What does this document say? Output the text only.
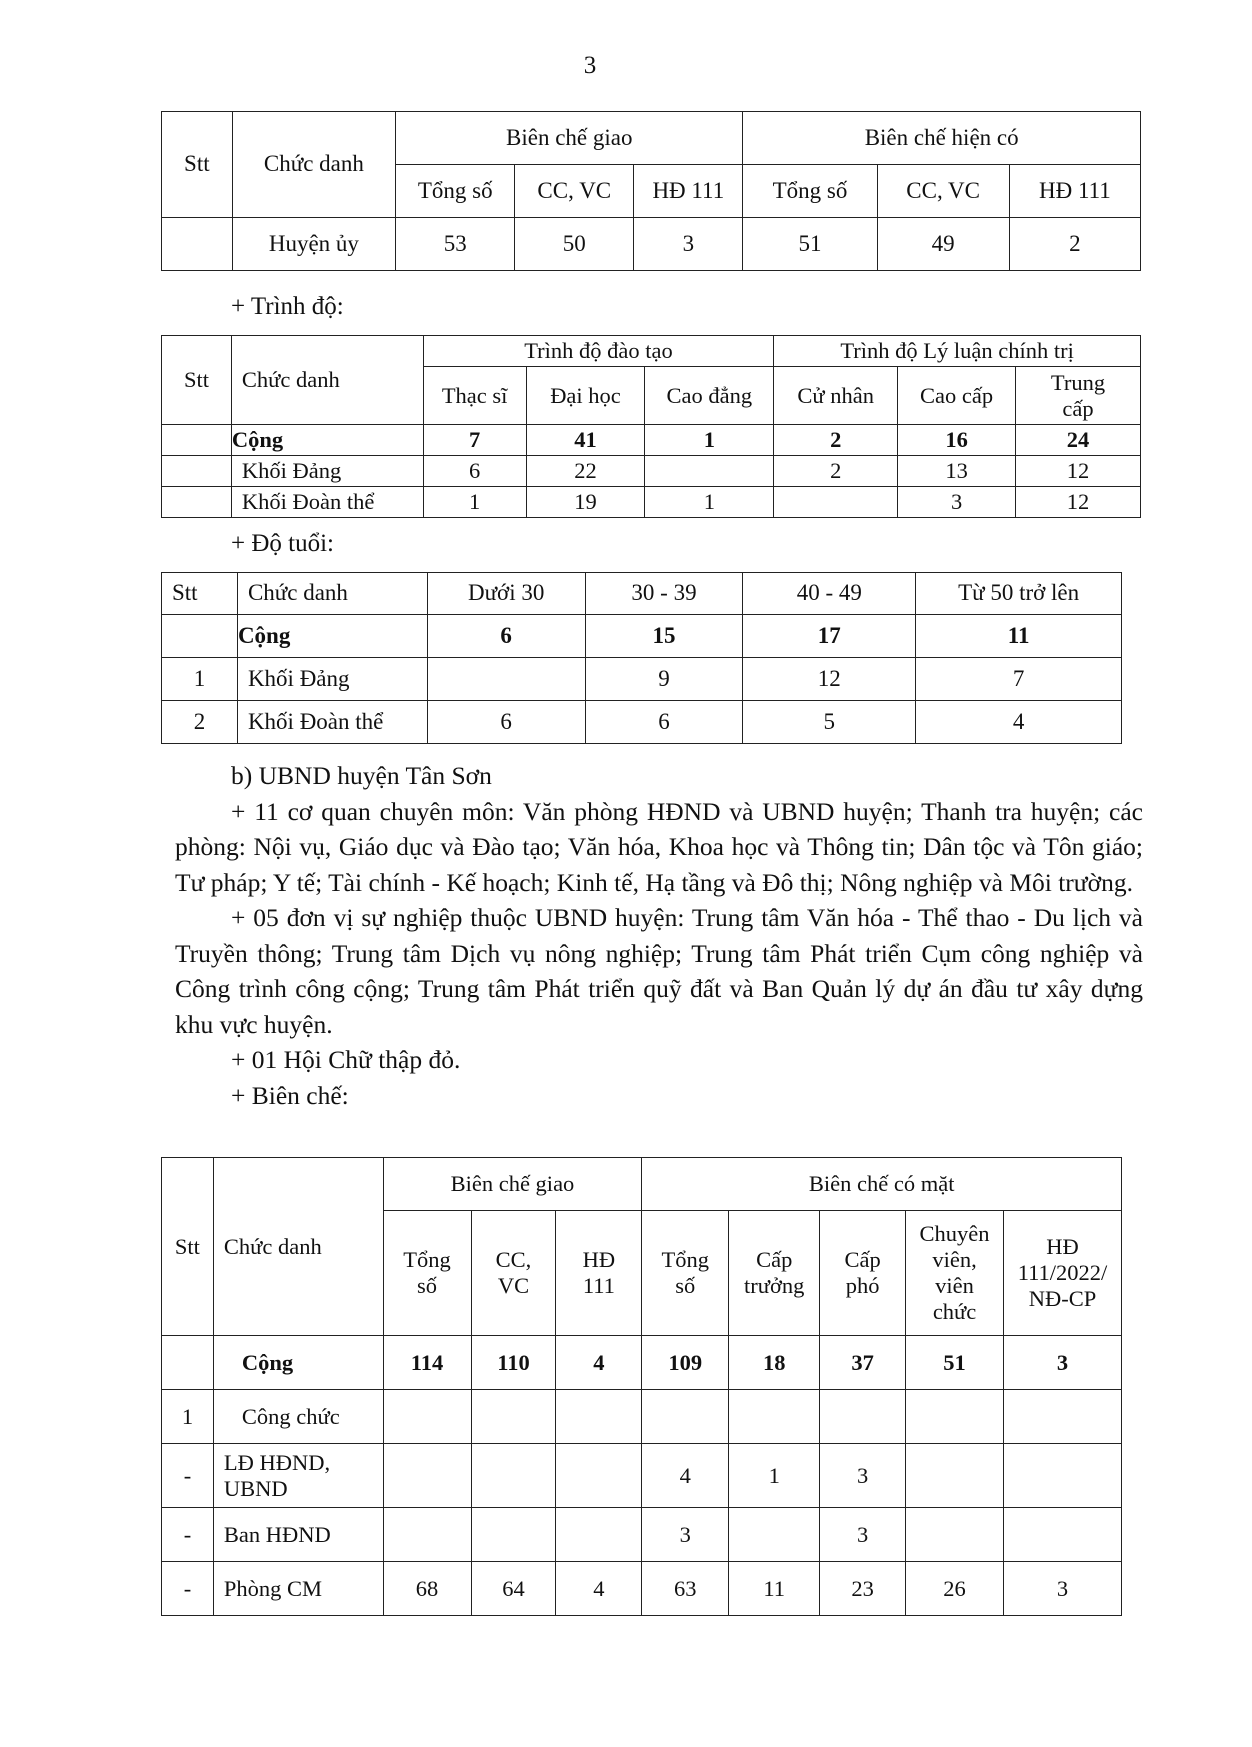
3
Stt	Chức danh	Biên chế giao			Biên chế hiện có		
		Tổng số	CC, VC	HĐ 111	Tổng số	CC, VC	HĐ 111
	Huyện ủy	53	50	3	51	49	2
+ Trình độ:
Stt	Chức danh	Trình độ đào tạo			Trình độ Lý luận chính trị		
		Thạc sĩ	Đại học	Cao đẳng	Cử nhân	Cao cấp	Trung cấp
	Cộng	7	41	1	2	16	24
	Khối Đảng	6	22		2	13	12
	Khối Đoàn thể	1	19	1		3	12
+ Độ tuổi:
Stt	Chức danh	Dưới 30	30 - 39	40 - 49	Từ 50 trở lên
	Cộng	6	15	17	11
1	Khối Đảng		9	12	7
2	Khối Đoàn thể	6	6	5	4

b) UBND huyện Tân Sơn

+ 11 cơ quan chuyên môn: Văn phòng HĐND và UBND huyện; Thanh tra huyện; các phòng: Nội vụ, Giáo dục và Đào tạo; Văn hóa, Khoa học và Thông tin; Dân tộc và Tôn giáo; Tư pháp; Y tế; Tài chính - Kế hoạch; Kinh tế, Hạ tầng và Đô thị; Nông nghiệp và Môi trường.

+ 05 đơn vị sự nghiệp thuộc UBND huyện: Trung tâm Văn hóa - Thể thao - Du lịch và Truyền thông; Trung tâm Dịch vụ nông nghiệp; Trung tâm Phát triển Cụm công nghiệp và Công trình công cộng; Trung tâm Phát triển quỹ đất và Ban Quản lý dự án đầu tư xây dựng khu vực huyện.

+ 01 Hội Chữ thập đỏ.

+ Biên chế:

Stt	Chức danh	Biên chế giao			Biên chế có mặt				
		Tổng số	CC, VC	HĐ 111	Tổng số	Cấp trưởng	Cấp phó	Chuyên viên, viên chức	HĐ 111/2022/ NĐ-CP
	Cộng	114	110	4	109	18	37	51	3
1	Công chức								
-	LĐ HĐND, UBND				4	1	3		
-	Ban HĐND				3		3		
-	Phòng CM	68	64	4	63	11	23	26	3
